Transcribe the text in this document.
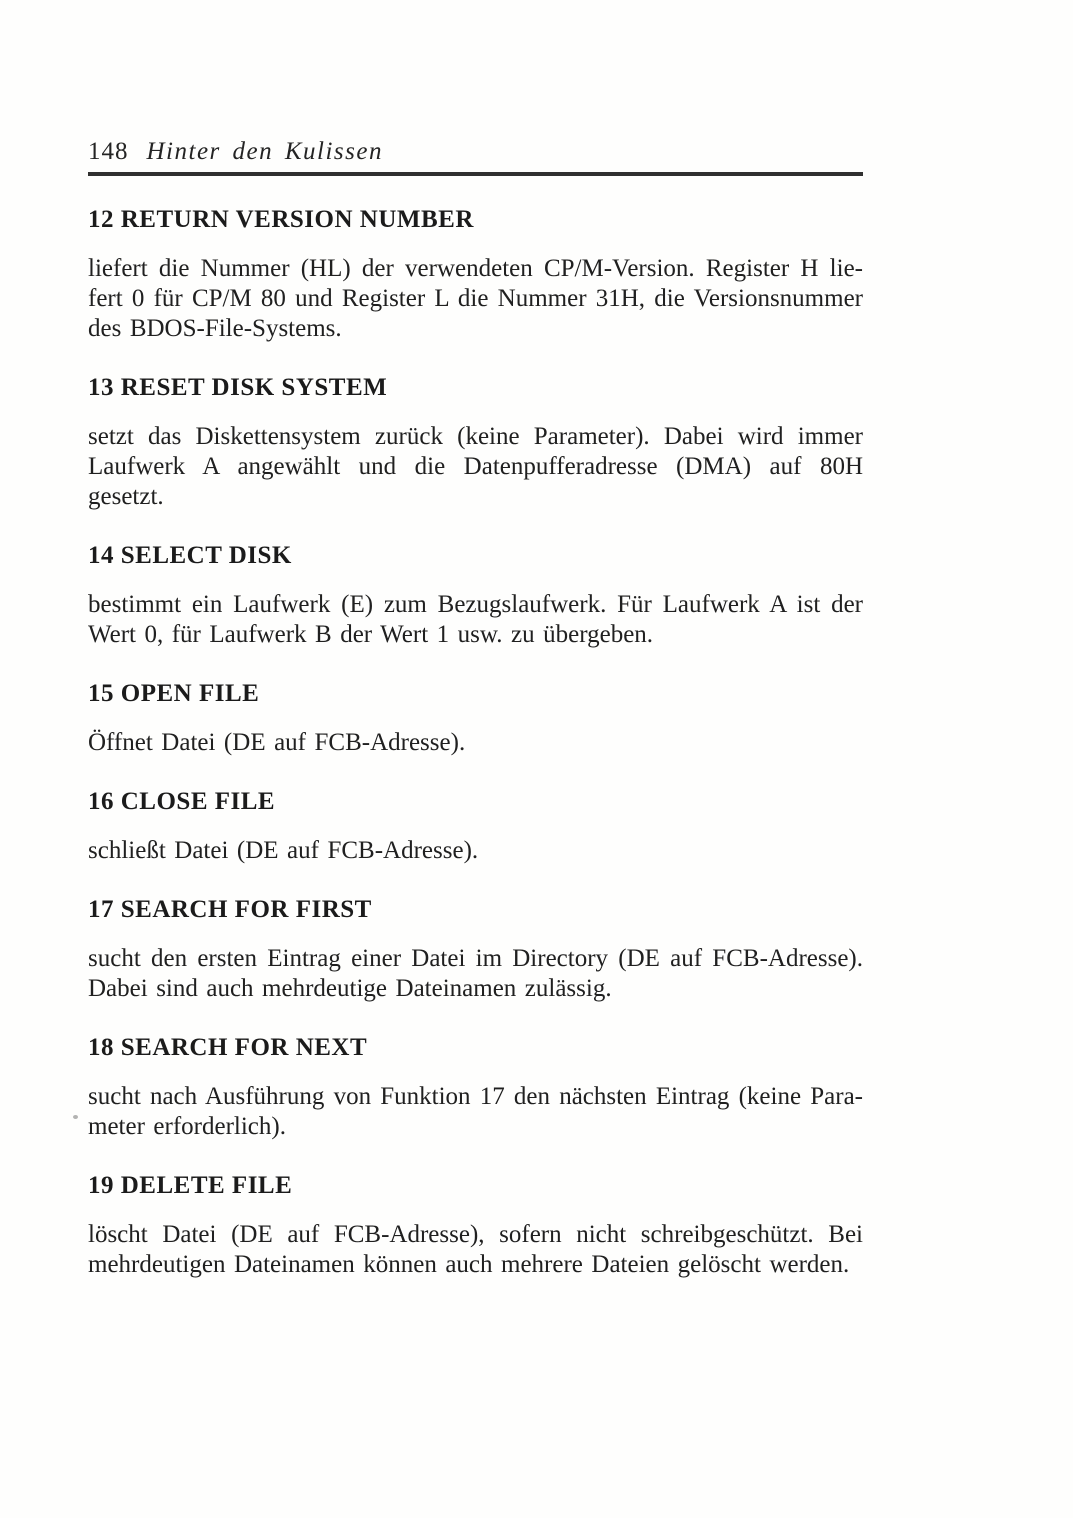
148 Hinter den Kulissen
12 RETURN VERSION NUMBER

liefert die Nummer (HL) der verwendeten CP/M-Version. Register H lie-
fert 0 für CP/M 80 und Register L die Nummer 31H, die Versionsnummer
des BDOS-File-Systems.

13 RESET DISK SYSTEM

setzt das Diskettensystem zurück (keine Parameter). Dabei wird immer
Laufwerk A angewählt und die Datenpufferadresse (DMA) auf 80H gesetzt.

14 SELECT DISK

bestimmt ein Laufwerk (E) zum Bezugslaufwerk. Für Laufwerk A ist der
Wert 0, für Laufwerk B der Wert 1 usw. zu übergeben.

15 OPEN FILE

Öffnet Datei (DE auf FCB-Adresse).

16 CLOSE FILE

schließt Datei (DE auf FCB-Adresse).

17 SEARCH FOR FIRST

sucht den ersten Eintrag einer Datei im Directory (DE auf FCB-Adresse).
Dabei sind auch mehrdeutige Dateinamen zulässig.

18 SEARCH FOR NEXT

sucht nach Ausführung von Funktion 17 den nächsten Eintrag (keine Para-
meter erforderlich).

19 DELETE FILE

löscht Datei (DE auf FCB-Adresse), sofern nicht schreibgeschützt. Bei
mehrdeutigen Dateinamen können auch mehrere Dateien gelöscht werden.
